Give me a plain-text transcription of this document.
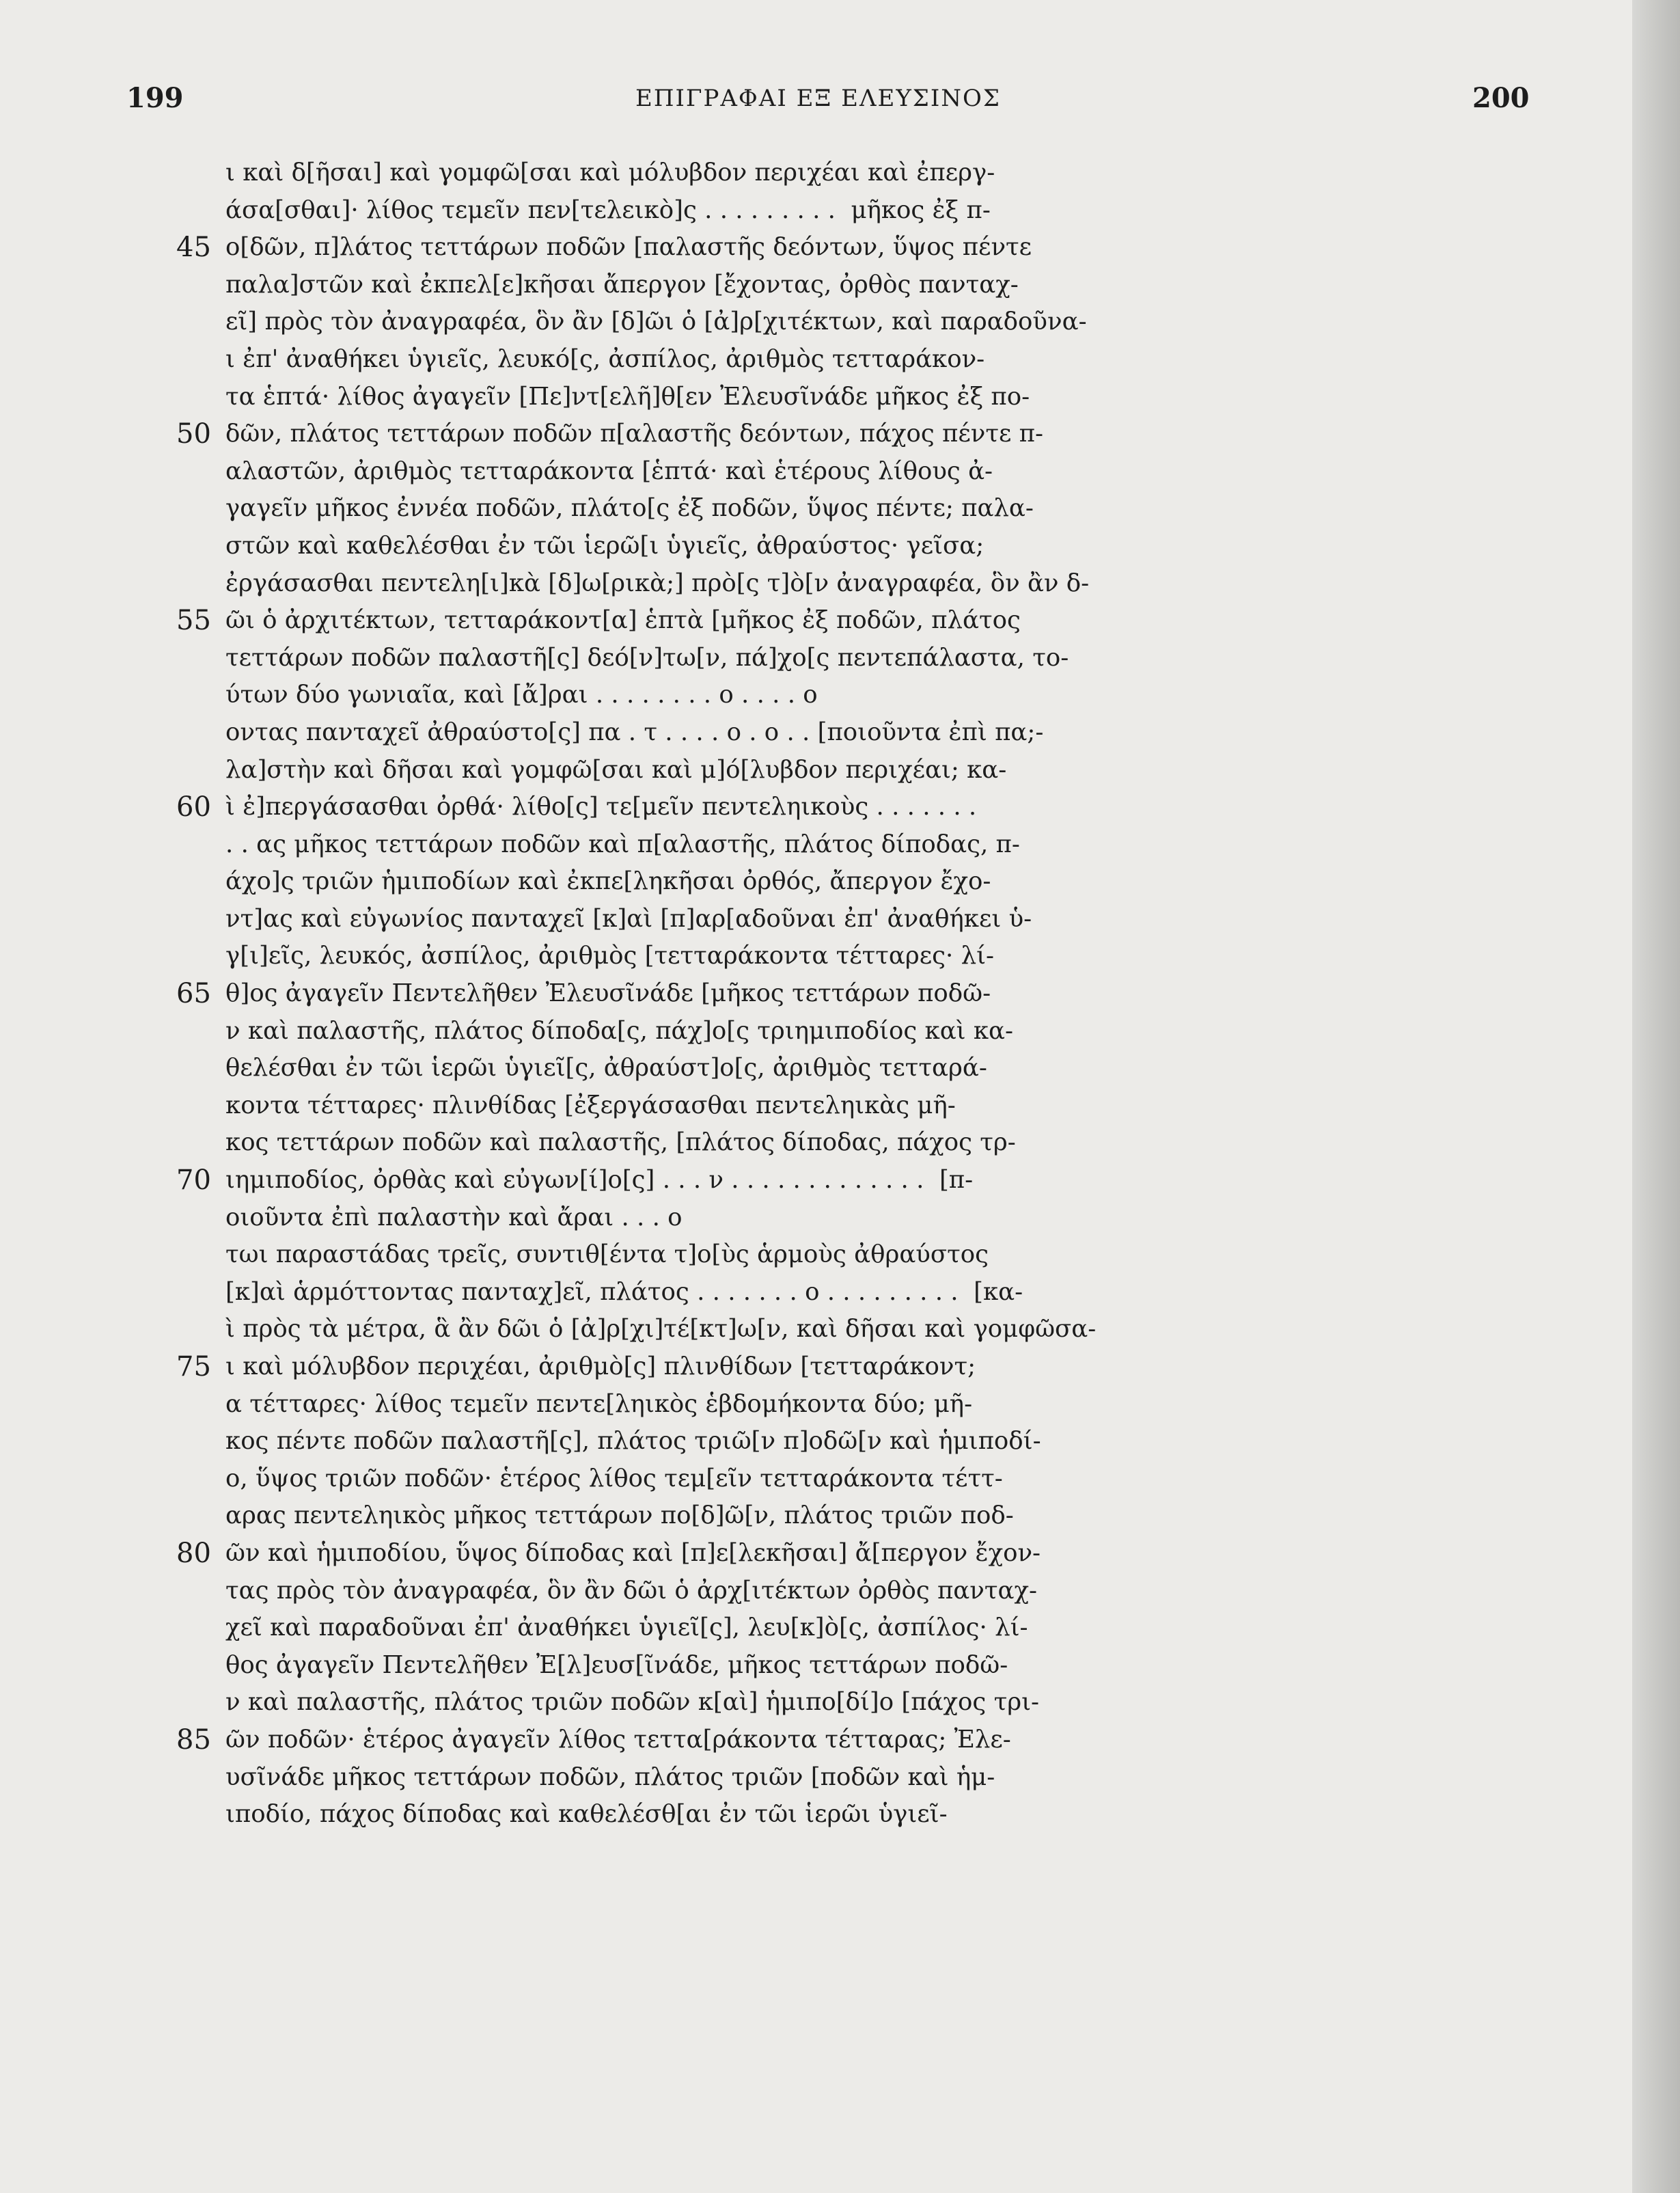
199	ΕΠΙΓΡΑΦΑΙ ΕΞ ΕΛΕΥΣΙΝΟΣ	200
ι καὶ δ[ῆσαι] καὶ γομφῶ[σαι καὶ μόλυβδον περιχέαι καὶ ἐπεργ-
άσα[σθαι]· λίθος τεμεῖν πεν[τελεικὸ]ς . . . . . . . . .  μῆκος ἐξ π-
45 ο[δῶν, π]λάτος τεττάρων ποδῶν [παλαστῆς δεόντων, ὕψος πέντε
παλα]στῶν καὶ ἐκπελ[ε]κῆσαι ἄπεργον [ἔχοντας, ὀρθὸς πανταχ-
εῖ] πρὸς τὸν ἀναγραφέα, ὃν ἂν [δ]ῶι ὁ [ἀ]ρ[χιτέκτων, καὶ παραδοῦνα-
ι ἐπ' ἀναθήκει ὑγιεῖς, λευκό[ς, ἀσπίλος, ἀριθμὸς τετταράκον-
τα ἑπτά· λίθος ἀγαγεῖν [Πε]ντ[ελῆ]θ[εν Ἐλευσῖνάδε μῆκος ἐξ πο-
50 δῶν, πλάτος τεττάρων ποδῶν π[αλαστῆς δεόντων, πάχος πέντε π-
αλαστῶν, ἀριθμὸς τετταράκοντα [ἑπτά· καὶ ἑτέρους λίθους ἀ-
γαγεῖν μῆκος ἐννέα ποδῶν, πλάτο[ς ἐξ ποδῶν, ὕψος πέντε; παλα-
στῶν καὶ καθελέσθαι ἐν τῶι ἱερῶ[ι ὑγιεῖς, ἀθραύστος· γεῖσα;
ἐργάσασθαι πεντελη[ι]κὰ [δ]ω[ρικὰ;] πρὸ[ς τ]ὸ[ν ἀναγραφέα, ὃν ἂν δ-
55 ῶι ὁ ἀρχιτέκτων, τετταράκοντ[α] ἑπτὰ [μῆκος ἐξ ποδῶν, πλάτος
τεττάρων ποδῶν παλαστῆ[ς] δεό[ν]τω[ν, πά]χο[ς πεντεπάλαστα, το-
ύτων δύο γωνιαῖα, καὶ [ἄ]ραι . . . . . . . . ο . . . . ο
οντας πανταχεῖ ἀθραύστο[ς] πα . τ . . . . ο . ο . . [ποιοῦντα ἐπὶ πα;-
λα]στὴν καὶ δῆσαι καὶ γομφῶ[σαι καὶ μ]ό[λυβδον περιχέαι; κα-
60 ὶ ἐ]περγάσασθαι ὀρθά· λίθο[ς] τε[μεῖν πεντεληικοὺς . . . . . . .
. . ας μῆκος τεττάρων ποδῶν καὶ π[αλαστῆς, πλάτος δίποδας, π-
άχο]ς τριῶν ἡμιποδίων καὶ ἐκπε[ληκῆσαι ὀρθός, ἄπεργον ἔχο-
ντ]ας καὶ εὐγωνίος πανταχεῖ [κ]αὶ [π]αρ[αδοῦναι ἐπ' ἀναθήκει ὑ-
γ[ι]εῖς, λευκός, ἀσπίλος, ἀριθμὸς [τετταράκοντα τέτταρες· λί-
65 θ]ος ἀγαγεῖν Πεντελῆθεν Ἐλευσῖνάδε [μῆκος τεττάρων ποδῶ-
ν καὶ παλαστῆς, πλάτος δίποδα[ς, πάχ]ο[ς τριημιποδίος καὶ κα-
θελέσθαι ἐν τῶι ἱερῶι ὑγιεῖ[ς, ἀθραύστ]ο[ς, ἀριθμὸς τετταρά-
κοντα τέτταρες· πλινθίδας [ἐξεργάσασθαι πεντεληικὰς μῆ-
κος τεττάρων ποδῶν καὶ παλαστῆς, [πλάτος δίποδας, πάχος τρ-
70 ιημιποδίος, ὀρθὰς καὶ εὐγων[ί]ο[ς] . . . ν . . . . . . . . . . . . .  [π-
οιοῦντα ἐπὶ παλαστὴν καὶ ἄραι . . . ο
τωι παραστάδας τρεῖς, συντιθ[έντα τ]ο[ὺς ἁρμοὺς ἀθραύστος
[κ]αὶ ἁρμόττοντας πανταχ]εῖ, πλάτος . . . . . . . ο . . . . . . . . .  [κα-
ὶ πρὸς τὰ μέτρα, ἃ ἂν δῶι ὁ [ἀ]ρ[χι]τέ[κτ]ω[ν, καὶ δῆσαι καὶ γομφῶσα-
75 ι καὶ μόλυβδον περιχέαι, ἀριθμὸ[ς] πλινθίδων [τετταράκοντ;
α τέτταρες· λίθος τεμεῖν πεντε[ληικὸς ἑβδομήκοντα δύο; μῆ-
κος πέντε ποδῶν παλαστῆ[ς], πλάτος τριῶ[ν π]οδῶ[ν καὶ ἡμιποδί-
ο, ὕψος τριῶν ποδῶν· ἑτέρος λίθος τεμ[εῖν τετταράκοντα τέττ-
αρας πεντεληικὸς μῆκος τεττάρων πο[δ]ῶ[ν, πλάτος τριῶν ποδ-
80 ῶν καὶ ἡμιποδίου, ὕψος δίποδας καὶ [π]ε[λεκῆσαι] ἄ[περγον ἔχον-
τας πρὸς τὸν ἀναγραφέα, ὃν ἂν δῶι ὁ ἀρχ[ιτέκτων ὀρθὸς πανταχ-
χεῖ καὶ παραδοῦναι ἐπ' ἀναθήκει ὑγιεῖ[ς], λευ[κ]ὸ[ς, ἀσπίλος· λί-
θος ἀγαγεῖν Πεντελῆθεν Ἐ[λ]ευσ[ῖνάδε, μῆκος τεττάρων ποδῶ-
ν καὶ παλαστῆς, πλάτος τριῶν ποδῶν κ[αὶ] ἡμιπο[δί]ο [πάχος τρι-
85 ῶν ποδῶν· ἑτέρος ἀγαγεῖν λίθος τεττα[ράκοντα τέτταρας; Ἐλε-
υσῖνάδε μῆκος τεττάρων ποδῶν, πλάτος τριῶν [ποδῶν καὶ ἡμ-
ιποδίο, πάχος δίποδας καὶ καθελέσθ[αι ἐν τῶι ἱερῶι ὑγιεῖ-
